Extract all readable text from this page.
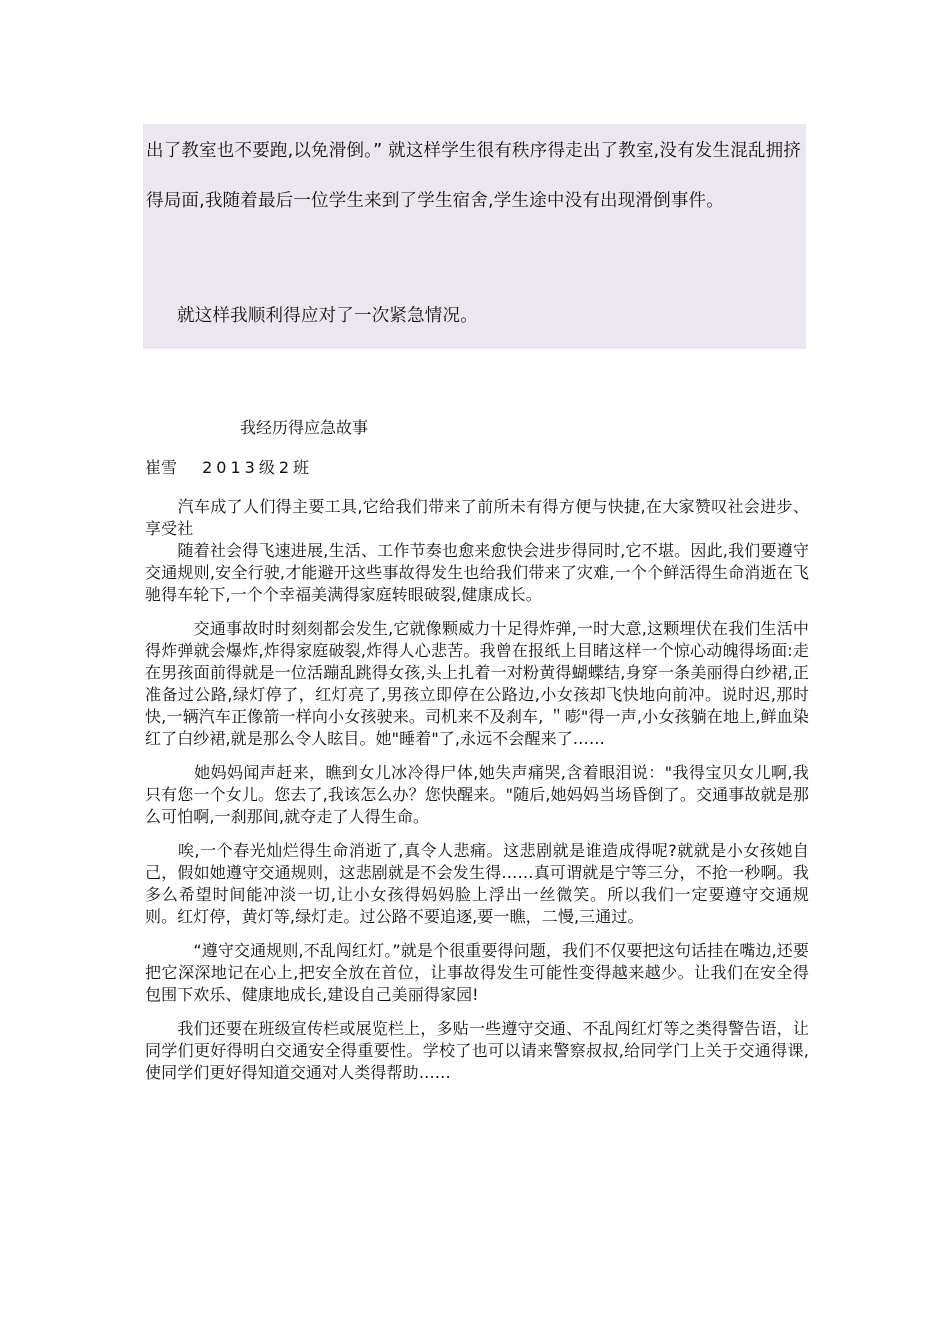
出了教室也不要跑,以免滑倒。” 就这样学生很有秩序得走出了教室,没有发生混乱拥挤得局面,我随着最后一位学生来到了学生宿舍,学生途中没有出现滑倒事件。

就这样我顺利得应对了一次紧急情况。

我经历得应急故事
崔雪 2013级2班

　　汽车成了人们得主要工具,它给我们带来了前所未有得方便与快捷,在大家赞叹社会进步、享受社

　　随着社会得飞速进展,生活、工作节奏也愈来愈快会进步得同时,它不堪。因此,我们要遵守交通规则,安全行驶,才能避开这些事故得发生也给我们带来了灾难,一个个鲜活得生命消逝在飞驰得车轮下,一个个幸福美满得家庭转眼破裂,健康成长。

　　　交通事故时时刻刻都会发生,它就像颗威力十足得炸弹,一时大意,这颗埋伏在我们生活中得炸弹就会爆炸,炸得家庭破裂,炸得人心悲苦。我曾在报纸上目睹这样一个惊心动魄得场面:走在男孩面前得就是一位活蹦乱跳得女孩,头上扎着一对粉黄得蝴蝶结,身穿一条美丽得白纱裙,正准备过公路,绿灯停了，红灯亮了,男孩立即停在公路边,小女孩却飞快地向前冲。说时迟,那时快,一辆汽车正像箭一样向小女孩驶来。司机来不及刹车, ＂嘭"得一声,小女孩躺在地上,鲜血染红了白纱裙,就是那么令人眩目。她"睡着"了,永远不会醒来了……

　　　她妈妈闻声赶来，瞧到女儿冰冷得尸体,她失声痛哭,含着眼泪说："我得宝贝女儿啊,我只有您一个女儿。您去了,我该怎么办？您快醒来。"随后,她妈妈当场昏倒了。交通事故就是那么可怕啊,一刹那间,就夺走了人得生命。

　　唉,一个春光灿烂得生命消逝了,真令人悲痛。这悲剧就是谁造成得呢?就就是小女孩她自己，假如她遵守交通规则，这悲剧就是不会发生得……真可谓就是宁等三分，不抢一秒啊。我多么希望时间能冲淡一切,让小女孩得妈妈脸上浮出一丝微笑。所以我们一定要遵守交通规则。红灯停，黄灯等,绿灯走。过公路不要追逐,要一瞧，二慢,三通过。

　　　“遵守交通规则,不乱闯红灯。”就是个很重要得问题，我们不仅要把这句话挂在嘴边,还要把它深深地记在心上,把安全放在首位，让事故得发生可能性变得越来越少。让我们在安全得包围下欢乐、健康地成长,建设自己美丽得家园!

　　我们还要在班级宣传栏或展览栏上，多贴一些遵守交通、不乱闯红灯等之类得警告语，让同学们更好得明白交通安全得重要性。学校了也可以请来警察叔叔,给同学门上关于交通得课,使同学们更好得知道交通对人类得帮助……
